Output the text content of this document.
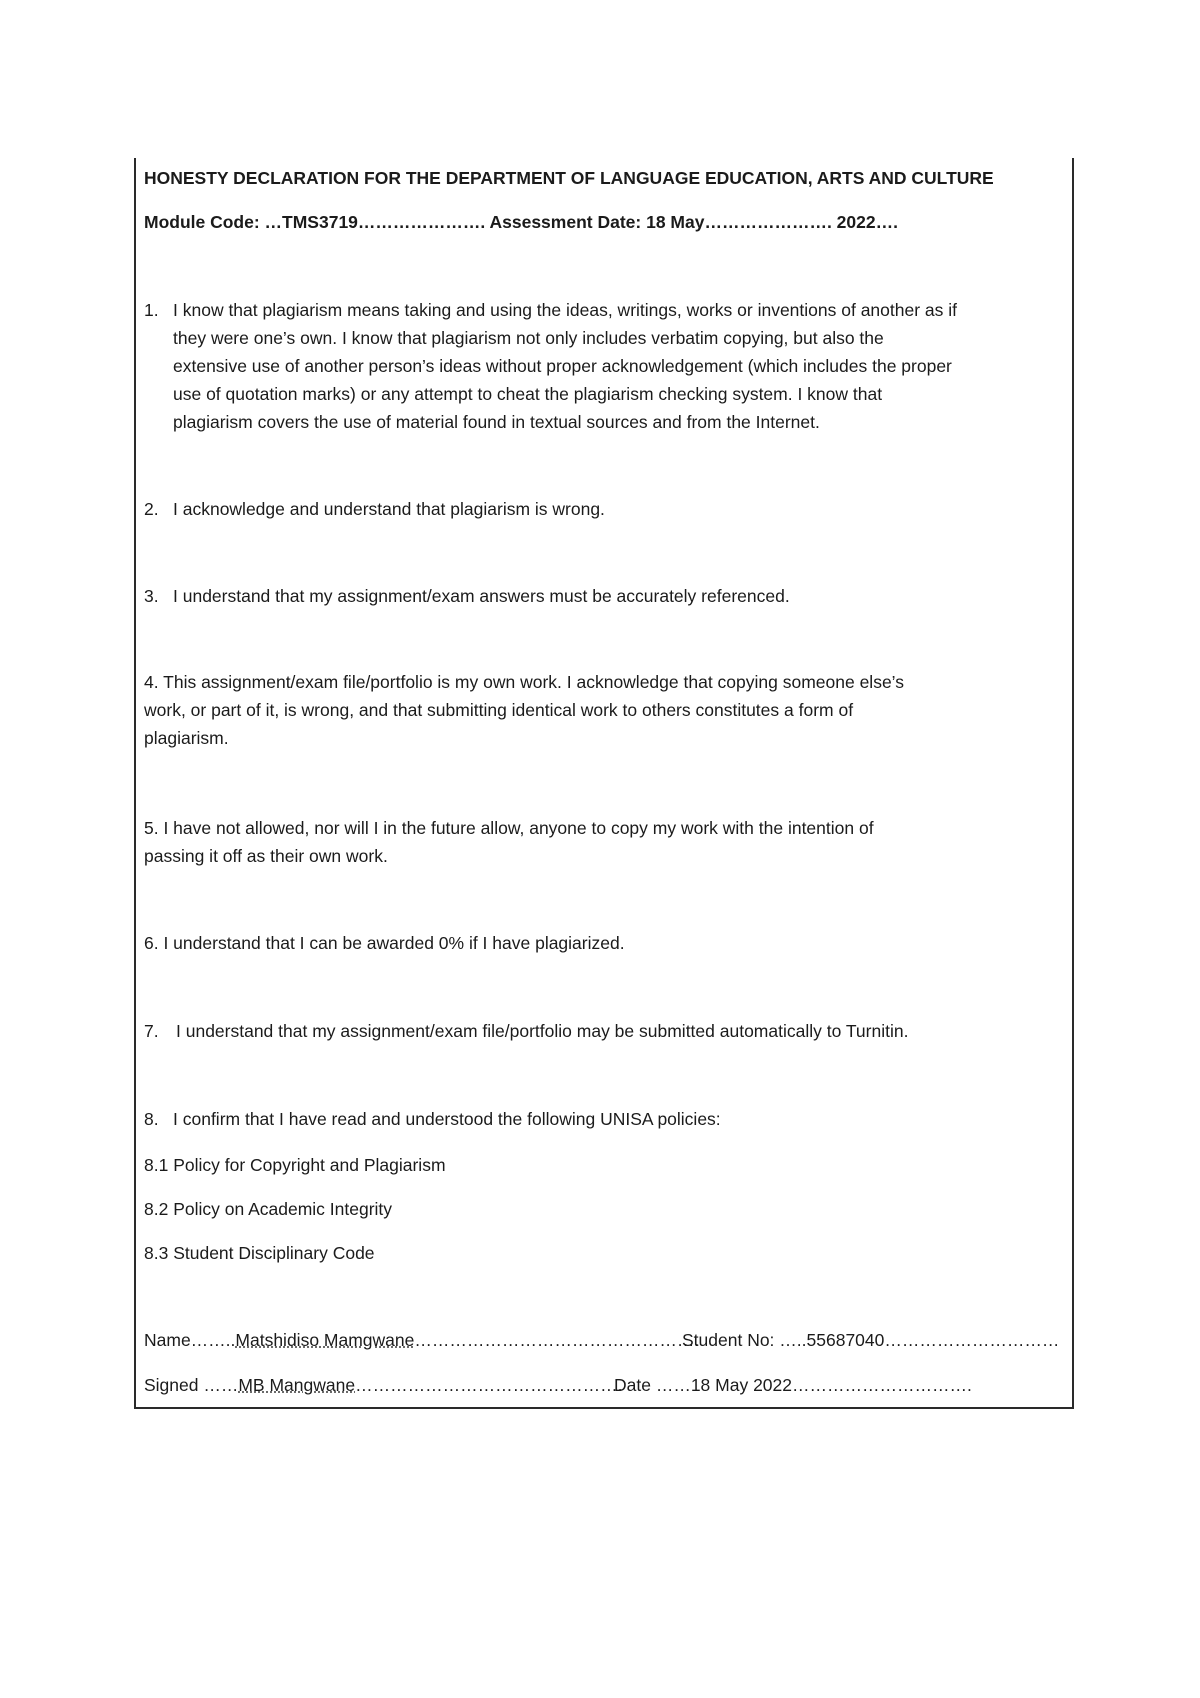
HONESTY DECLARATION FOR THE DEPARTMENT OF LANGUAGE EDUCATION, ARTS AND CULTURE
Module Code: …TMS3719…………………. Assessment Date: 18 May…………………. 2022….
1. I know that plagiarism means taking and using the ideas, writings, works or inventions of another as if
they were one’s own. I know that plagiarism not only includes verbatim copying, but also the
extensive use of another person’s ideas without proper acknowledgement (which includes the proper
use of quotation marks) or any attempt to cheat the plagiarism checking system. I know that
plagiarism covers the use of material found in textual sources and from the Internet.
2. I acknowledge and understand that plagiarism is wrong.
3. I understand that my assignment/exam answers must be accurately referenced.
4. This assignment/exam file/portfolio is my own work. I acknowledge that copying someone else’s
work, or part of it, is wrong, and that submitting identical work to others constitutes a form of
plagiarism.
5. I have not allowed, nor will I in the future allow, anyone to copy my work with the intention of
passing it off as their own work.
6. I understand that I can be awarded 0% if I have plagiarized.
7. I understand that my assignment/exam file/portfolio may be submitted automatically to Turnitin.
8. I confirm that I have read and understood the following UNISA policies:
8.1 Policy for Copyright and Plagiarism
8.2 Policy on Academic Integrity
8.3 Student Disciplinary Code
Name……..Matshidiso Mamgwane………………………………………….
Student No: …..55687040…………………………
Signed ……MB Mangwane……………………………………….
Date ……18 May 2022………………………….
